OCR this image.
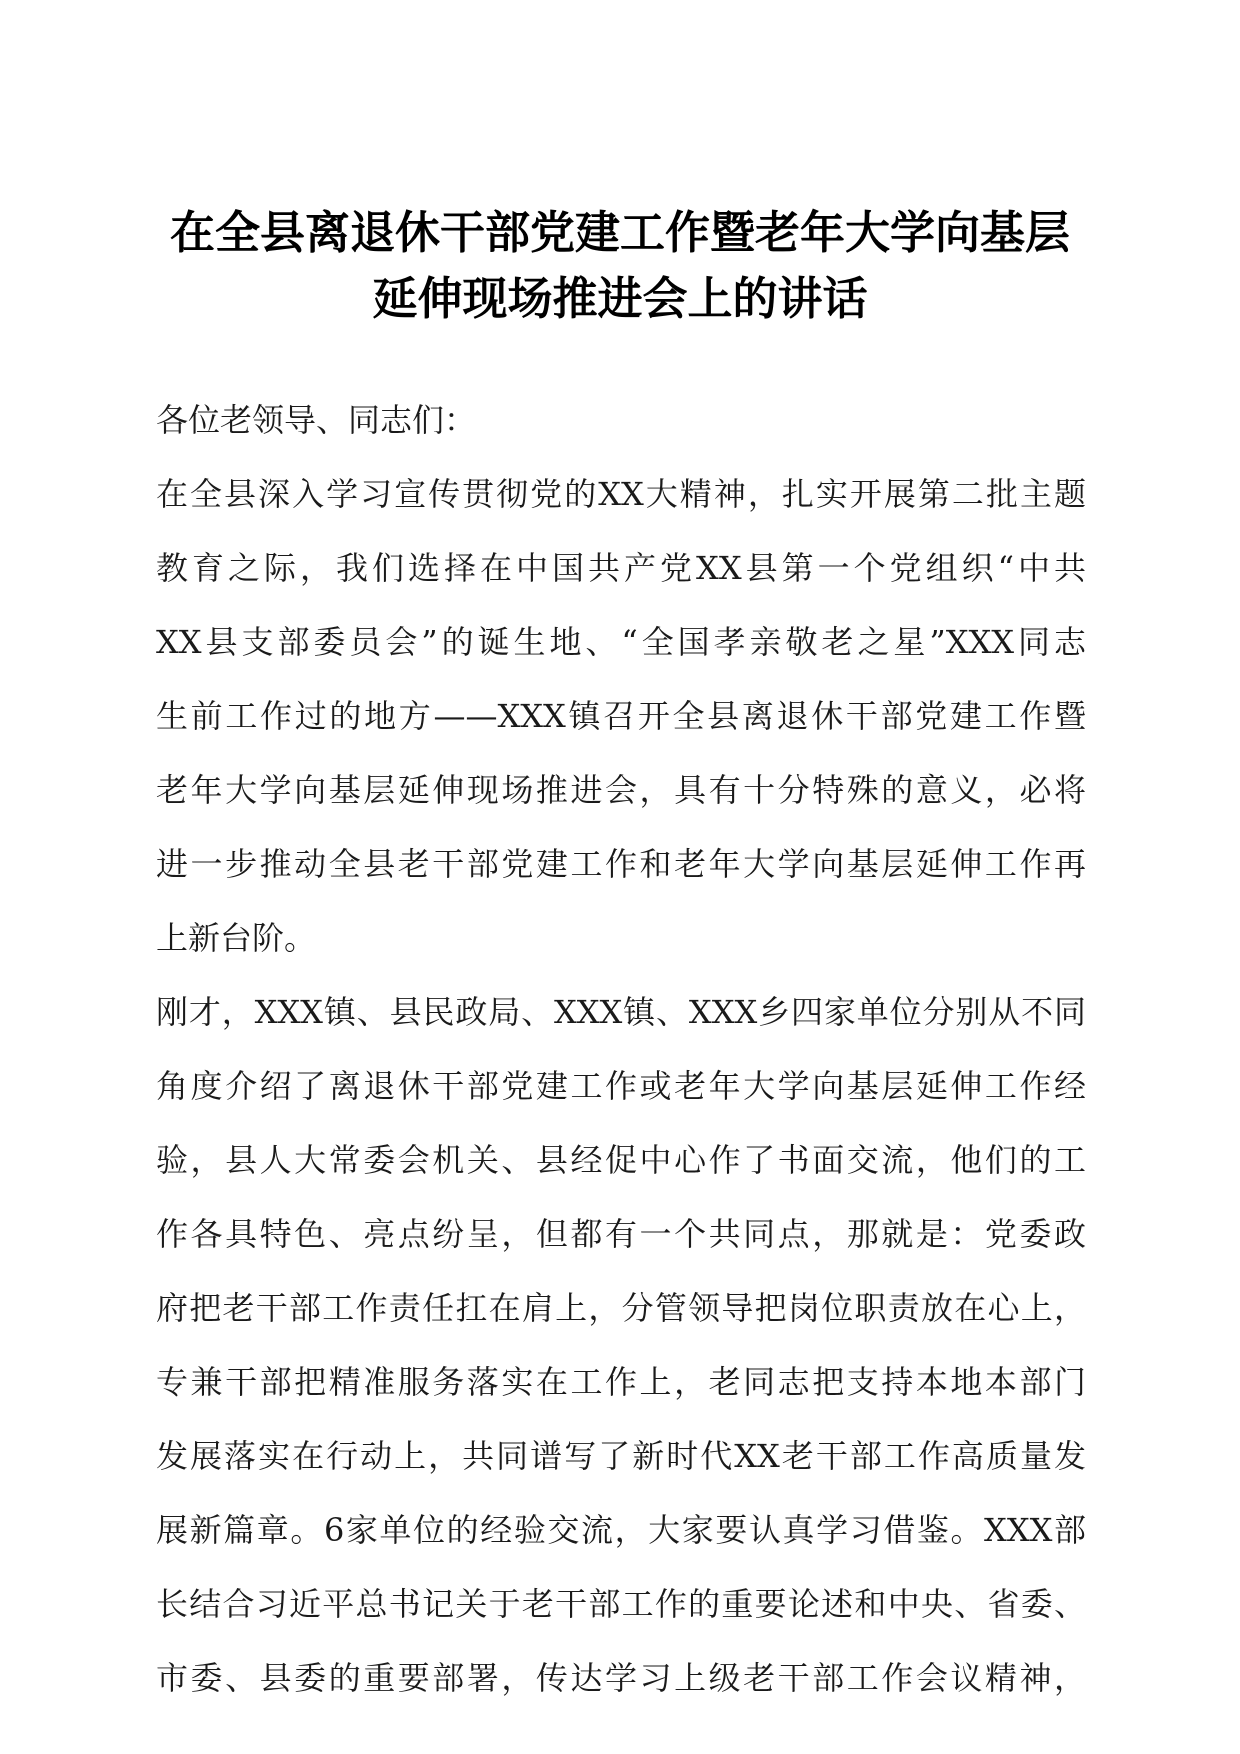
在全县离退休干部党建工作暨老年大学向基层
延伸现场推进会上的讲话
各位老领导、同志们：
在全县深入学习宣传贯彻党的XX大精神，扎实开展第二批主题
教育之际，我们选择在中国共产党XX县第一个党组织“中共
XX县支部委员会”的诞生地、“全国孝亲敬老之星”XXX同志
生前工作过的地方——XXX镇召开全县离退休干部党建工作暨
老年大学向基层延伸现场推进会，具有十分特殊的意义，必将
进一步推动全县老干部党建工作和老年大学向基层延伸工作再
上新台阶。
刚才，XXX镇、县民政局、XXX镇、XXX乡四家单位分别从不同
角度介绍了离退休干部党建工作或老年大学向基层延伸工作经
验，县人大常委会机关、县经促中心作了书面交流，他们的工
作各具特色、亮点纷呈，但都有一个共同点，那就是：党委政
府把老干部工作责任扛在肩上，分管领导把岗位职责放在心上，
专兼干部把精准服务落实在工作上，老同志把支持本地本部门
发展落实在行动上，共同谱写了新时代XX老干部工作高质量发
展新篇章。6家单位的经验交流，大家要认真学习借鉴。XXX部
长结合习近平总书记关于老干部工作的重要论述和中央、省委、
市委、县委的重要部署，传达学习上级老干部工作会议精神，
